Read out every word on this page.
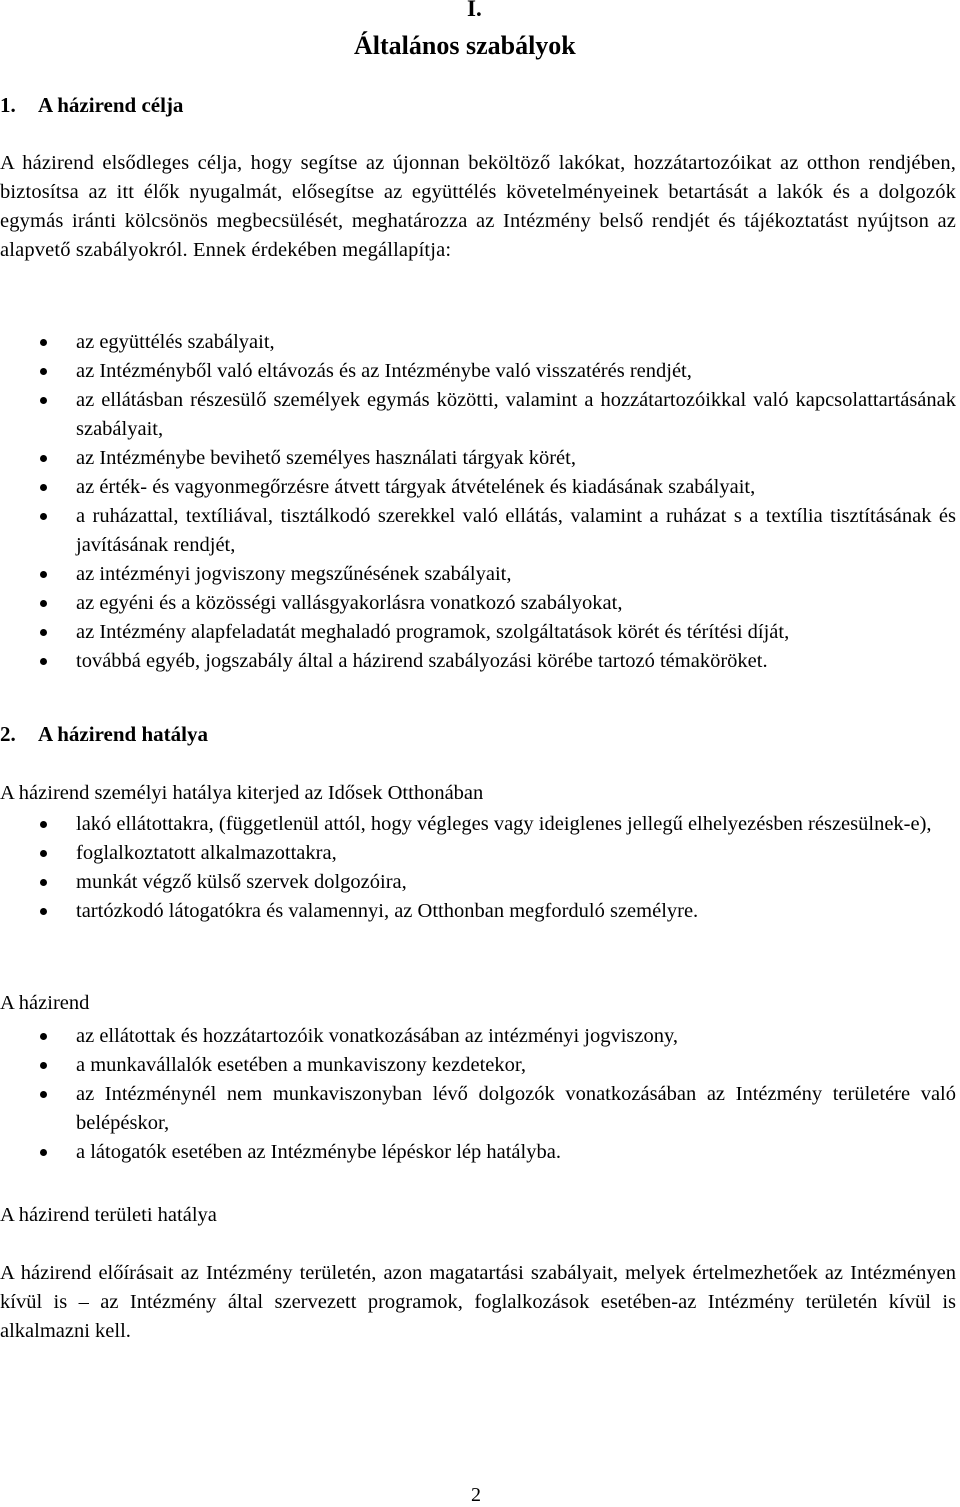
I.
Általános szabályok
1. A házirend célja
A házirend elsődleges célja, hogy segítse az újonnan beköltöző lakókat, hozzátartozóikat az otthon rendjében, biztosítsa az itt élők nyugalmát, elősegítse az együttélés követelményeinek betartását a lakók és a dolgozók egymás iránti kölcsönös megbecsülését, meghatározza az Intézmény belső rendjét és tájékoztatást nyújtson az alapvető szabályokról. Ennek érdekében megállapítja:
az együttélés szabályait,
az Intézményből való eltávozás és az Intézménybe való visszatérés rendjét,
az ellátásban részesülő személyek egymás közötti, valamint a hozzátartozóikkal való kapcsolattartásának szabályait,
az Intézménybe bevihető személyes használati tárgyak körét,
az érték- és vagyonmegőrzésre átvett tárgyak átvételének és kiadásának szabályait,
a ruházattal, textíliával, tisztálkodó szerekkel való ellátás, valamint a ruházat s a textília tisztításának és javításának rendjét,
az intézményi jogviszony megszűnésének szabályait,
az egyéni és a közösségi vallásgyakorlásra vonatkozó szabályokat,
az Intézmény alapfeladatát meghaladó programok, szolgáltatások körét és térítési díját,
továbbá egyéb, jogszabály által a házirend szabályozási körébe tartozó témaköröket.
2. A házirend hatálya
A házirend személyi hatálya kiterjed az Idősek Otthonában
lakó ellátottakra, (függetlenül attól, hogy végleges vagy ideiglenes jellegű elhelyezésben részesülnek-e),
foglalkoztatott alkalmazottakra,
munkát végző külső szervek dolgozóira,
tartózkodó látogatókra és valamennyi, az Otthonban megforduló személyre.
A házirend
az ellátottak és hozzátartozóik vonatkozásában az intézményi jogviszony,
a munkavállalók esetében a munkaviszony kezdetekor,
az Intézménynél nem munkaviszonyban lévő dolgozók vonatkozásában az Intézmény területére való belépéskor,
a látogatók esetében az Intézménybe lépéskor lép hatályba.
A házirend területi hatálya
A házirend előírásait az Intézmény területén, azon magatartási szabályait, melyek értelmezhetőek az Intézményen kívül is – az Intézmény által szervezett programok, foglalkozások esetében-az Intézmény területén kívül is alkalmazni kell.
2
